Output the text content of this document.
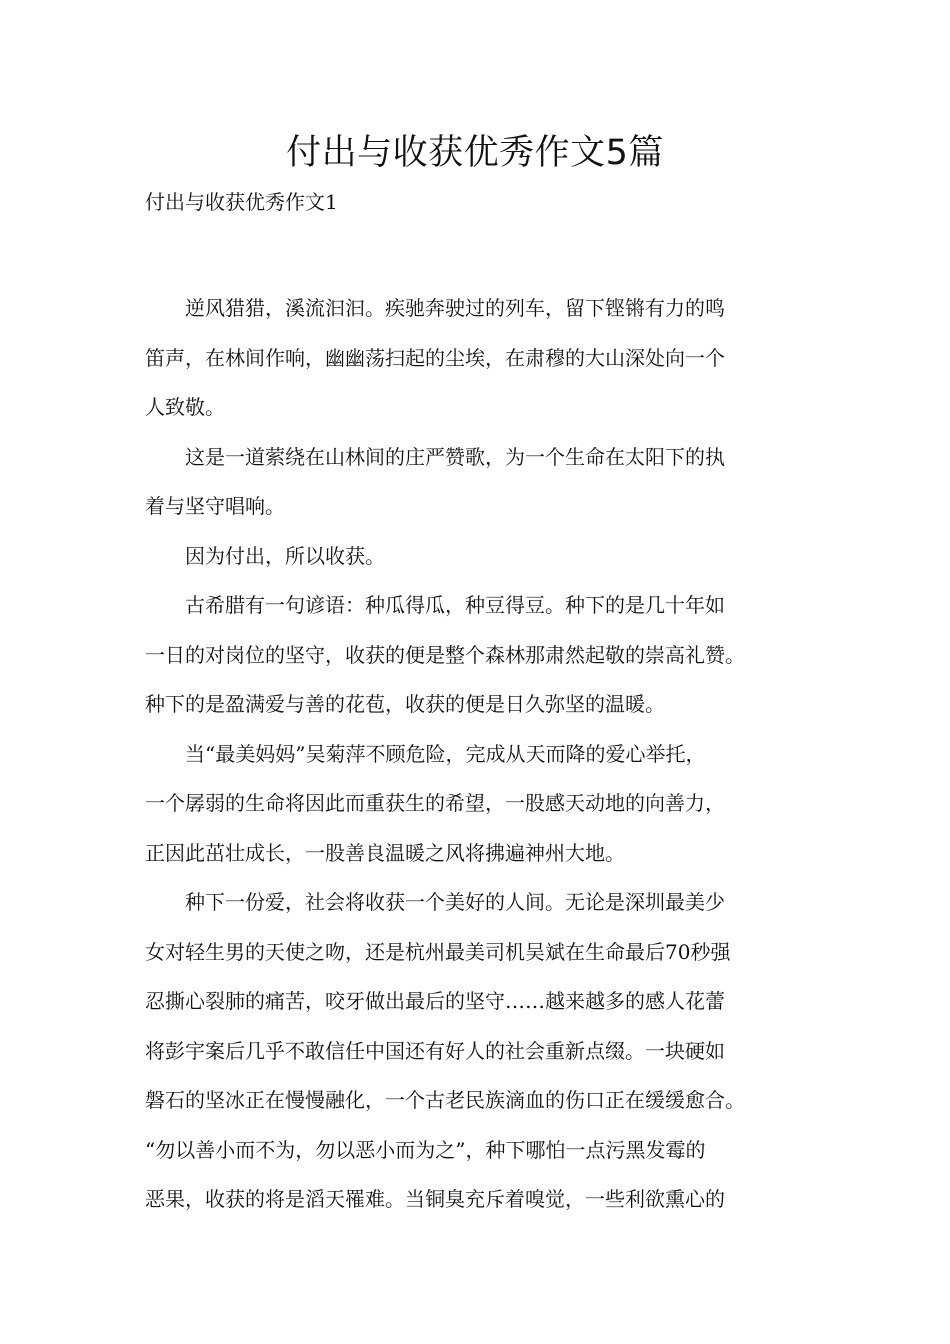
付出与收获优秀作文5篇
付出与收获优秀作文1

逆风猎猎，溪流汩汩。疾驰奔驶过的列车，留下铿锵有力的鸣
笛声，在林间作响，幽幽荡扫起的尘埃，在肃穆的大山深处向一个
人致敬。

这是一道萦绕在山林间的庄严赞歌，为一个生命在太阳下的执
着与坚守唱响。

因为付出，所以收获。

古希腊有一句谚语：种瓜得瓜，种豆得豆。种下的是几十年如
一日的对岗位的坚守，收获的便是整个森林那肃然起敬的崇高礼赞。
种下的是盈满爱与善的花苞，收获的便是日久弥坚的温暖。

当“最美妈妈”吴菊萍不顾危险，完成从天而降的爱心举托，
一个孱弱的生命将因此而重获生的希望，一股感天动地的向善力，
正因此茁壮成长，一股善良温暖之风将拂遍神州大地。

种下一份爱，社会将收获一个美好的人间。无论是深圳最美少
女对轻生男的天使之吻，还是杭州最美司机吴斌在生命最后70秒强
忍撕心裂肺的痛苦，咬牙做出最后的坚守……越来越多的感人花蕾
将彭宇案后几乎不敢信任中国还有好人的社会重新点缀。一块硬如
磐石的坚冰正在慢慢融化，一个古老民族滴血的伤口正在缓缓愈合。
“勿以善小而不为，勿以恶小而为之”，种下哪怕一点污黑发霉的
恶果，收获的将是滔天罹难。当铜臭充斥着嗅觉，一些利欲熏心的
